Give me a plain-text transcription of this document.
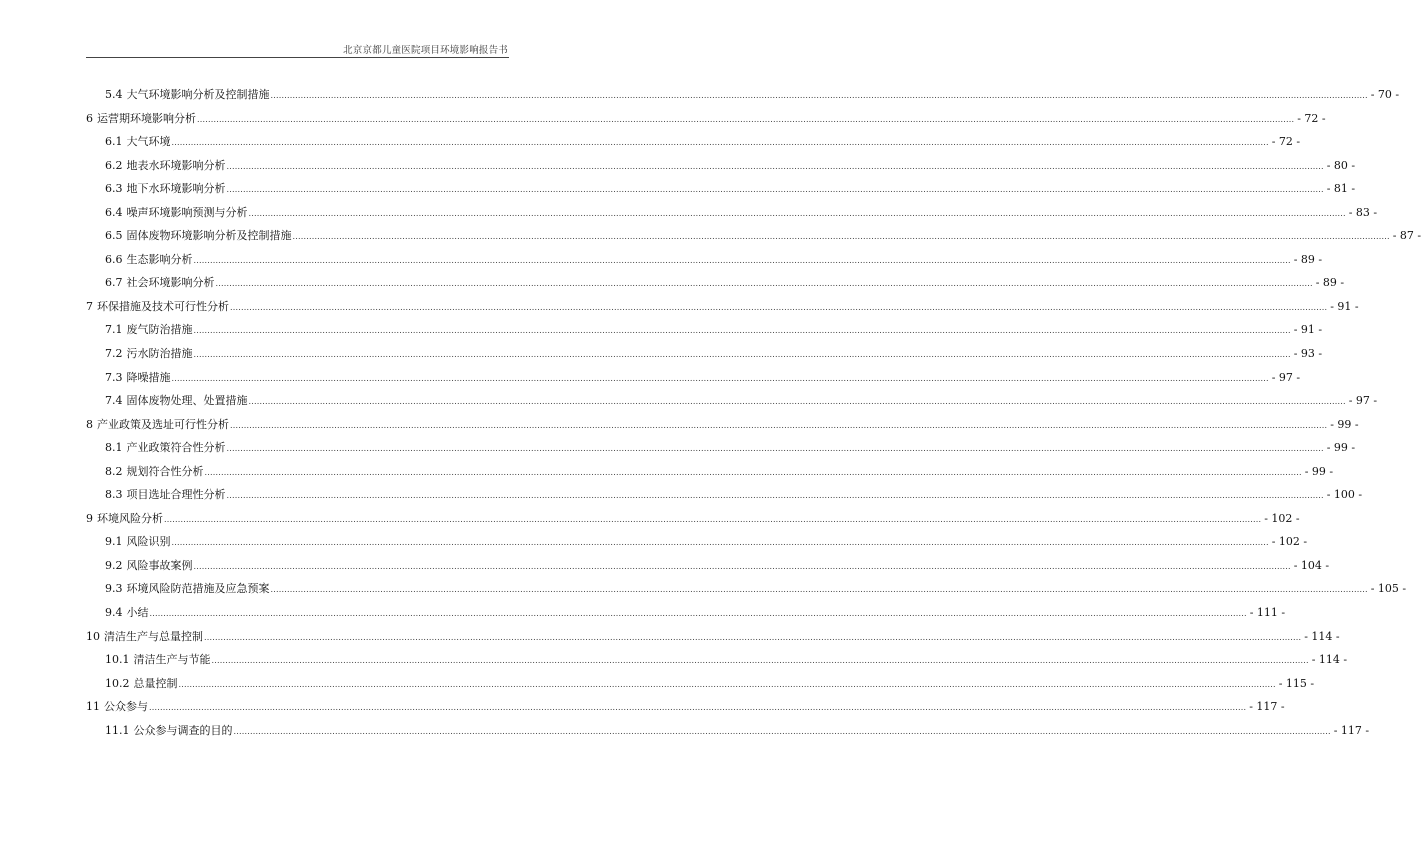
北京京都儿童医院项目环境影响报告书
5.4 大气环境影响分析及控制措施 ................................................................................................................................................................................................................................................................................................................................................................................................................ - 70 -
6 运营期环境影响分析 ................................................................................................................................................................................................................................................................................................................................................................................................................ - 72 -
6.1 大气环境 ................................................................................................................................................................................................................................................................................................................................................................................................................ - 72 -
6.2 地表水环境影响分析 ................................................................................................................................................................................................................................................................................................................................................................................................................ - 80 -
6.3 地下水环境影响分析 ................................................................................................................................................................................................................................................................................................................................................................................................................ - 81 -
6.4 噪声环境影响预测与分析 ................................................................................................................................................................................................................................................................................................................................................................................................................ - 83 -
6.5 固体废物环境影响分析及控制措施 ................................................................................................................................................................................................................................................................................................................................................................................................................ - 87 -
6.6 生态影响分析 ................................................................................................................................................................................................................................................................................................................................................................................................................ - 89 -
6.7 社会环境影响分析 ................................................................................................................................................................................................................................................................................................................................................................................................................ - 89 -
7 环保措施及技术可行性分析 ................................................................................................................................................................................................................................................................................................................................................................................................................ - 91 -
7.1 废气防治措施 ................................................................................................................................................................................................................................................................................................................................................................................................................ - 91 -
7.2 污水防治措施 ................................................................................................................................................................................................................................................................................................................................................................................................................ - 93 -
7.3 降噪措施 ................................................................................................................................................................................................................................................................................................................................................................................................................ - 97 -
7.4 固体废物处理、处置措施 ................................................................................................................................................................................................................................................................................................................................................................................................................ - 97 -
8 产业政策及选址可行性分析 ................................................................................................................................................................................................................................................................................................................................................................................................................ - 99 -
8.1 产业政策符合性分析 ................................................................................................................................................................................................................................................................................................................................................................................................................ - 99 -
8.2 规划符合性分析 ................................................................................................................................................................................................................................................................................................................................................................................................................ - 99 -
8.3 项目选址合理性分析 ................................................................................................................................................................................................................................................................................................................................................................................................................ - 100 -
9 环境风险分析 ................................................................................................................................................................................................................................................................................................................................................................................................................ - 102 -
9.1 风险识别 ................................................................................................................................................................................................................................................................................................................................................................................................................ - 102 -
9.2 风险事故案例 ................................................................................................................................................................................................................................................................................................................................................................................................................ - 104 -
9.3 环境风险防范措施及应急预案 ................................................................................................................................................................................................................................................................................................................................................................................................................ - 105 -
9.4 小结 ................................................................................................................................................................................................................................................................................................................................................................................................................ - 111 -
10 清洁生产与总量控制 ................................................................................................................................................................................................................................................................................................................................................................................................................ - 114 -
10.1 清洁生产与节能 ................................................................................................................................................................................................................................................................................................................................................................................................................ - 114 -
10.2 总量控制 ................................................................................................................................................................................................................................................................................................................................................................................................................ - 115 -
11 公众参与 ................................................................................................................................................................................................................................................................................................................................................................................................................ - 117 -
11.1 公众参与调查的目的 ................................................................................................................................................................................................................................................................................................................................................................................................................ - 117 -
